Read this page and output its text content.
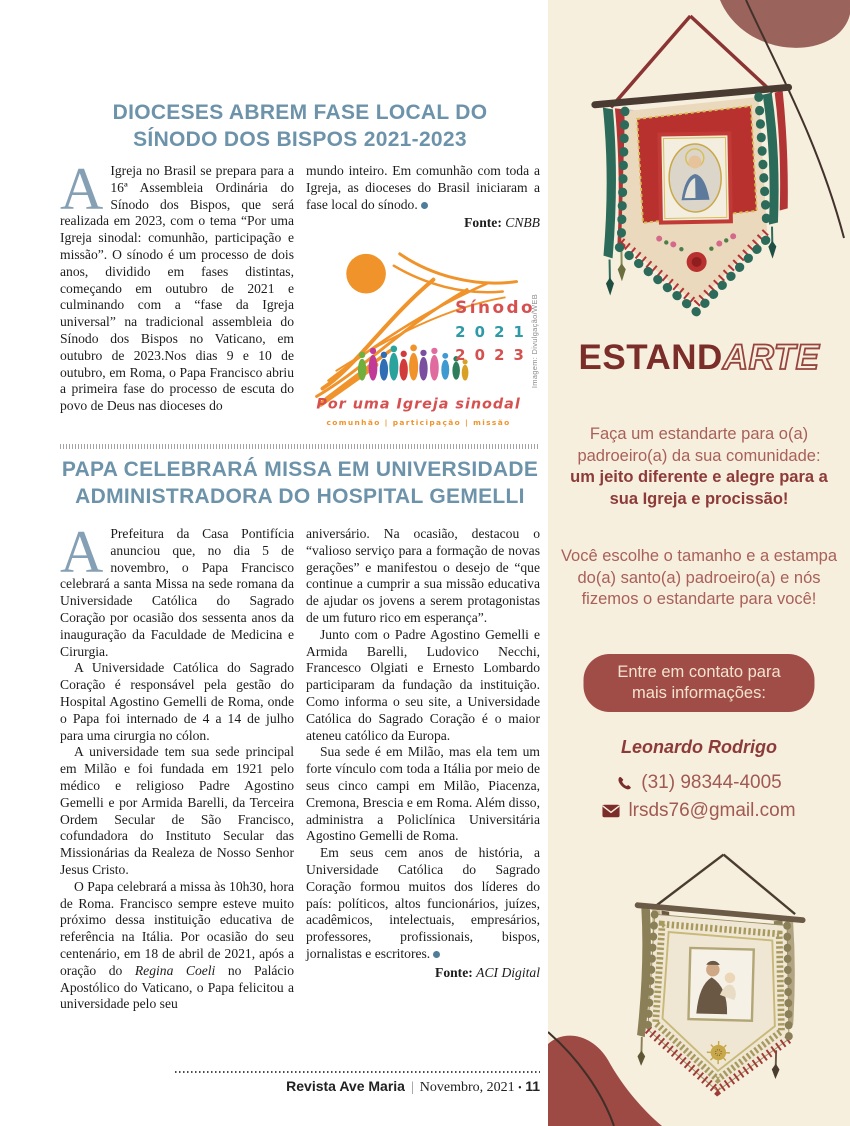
DIOCESES ABREM FASE LOCAL DO
SÍNODO DOS BISPOS 2021-2023

A Igreja no Brasil se prepara para a 16ª Assembleia Ordinária do Sínodo dos Bispos, que será realizada em 2023, com o tema “Por uma Igreja sinodal: comunhão, participação e missão”. O sínodo é um processo de dois anos, dividido em fases distintas, começando em outubro de 2021 e culminando com a “fase da Igreja universal” na tradicional assembleia do Sínodo dos Bispos no Vaticano, em outubro de 2023.Nos dias 9 e 10 de outubro, em Roma, o Papa Francisco abriu a primeira fase do processo de escuta do povo de Deus nas dioceses do

mundo inteiro. Em comunhão com toda a Igreja, as dioceses do Brasil iniciaram a fase local do sínodo.

Fonte: CNBB

Sínodo
2 0 2 1
2 0 2 3
Por uma Igreja sinodal
comunhão | participação | missão
Imagem: Divulgação/WEB
PAPA CELEBRARÁ MISSA EM UNIVERSIDADE
ADMINISTRADORA DO HOSPITAL GEMELLI

A Prefeitura da Casa Pontifícia anunciou que, no dia 5 de novembro, o Papa Francisco celebrará a santa Missa na sede romana da Universidade Católica do Sagrado Coração por ocasião dos sessenta anos da inauguração da Faculdade de Medicina e Cirurgia.

A Universidade Católica do Sagrado Coração é responsável pela gestão do Hospital Agostino Gemelli de Roma, onde o Papa foi internado de 4 a 14 de julho para uma cirurgia no cólon.

A universidade tem sua sede principal em Milão e foi fundada em 1921 pelo médico e religioso Padre Agostino Gemelli e por Armida Barelli, da Terceira Ordem Secular de São Francisco, cofundadora do Instituto Secular das Missionárias da Realeza de Nosso Senhor Jesus Cristo.

O Papa celebrará a missa às 10h30, hora de Roma. Francisco sempre esteve muito próximo dessa instituição educativa de referência na Itália. Por ocasião do seu centenário, em 18 de abril de 2021, após a oração do Regina Coeli no Palácio Apostólico do Vaticano, o Papa felicitou a universidade pelo seu

aniversário. Na ocasião, destacou o “valioso serviço para a formação de novas gerações” e manifestou o desejo de “que continue a cumprir a sua missão educativa de ajudar os jovens a serem protagonistas de um futuro rico em esperança”.

Junto com o Padre Agostino Gemelli e Armida Barelli, Ludovico Necchi, Francesco Olgiati e Ernesto Lombardo participaram da fundação da instituição. Como informa o seu site, a Universidade Católica do Sagrado Coração é o maior ateneu católico da Europa.

Sua sede é em Milão, mas ela tem um forte vínculo com toda a Itália por meio de seus cinco campi em Milão, Piacenza, Cremona, Brescia e em Roma. Além disso, administra a Policlínica Universitária Agostino Gemelli de Roma.

Em seus cem anos de história, a Universidade Católica do Sagrado Coração formou muitos dos líderes do país: políticos, altos funcionários, juízes, acadêmicos, intelectuais, empresários, professores, profissionais, bispos, jornalistas e escritores.

Fonte: ACI Digital

Revista Ave Maria | Novembro, 2021 • 11
ESTANDARTE

Faça um estandarte para o(a) padroeiro(a) da sua comunidade:
um jeito diferente e alegre para a sua Igreja e procissão!

Você escolhe o tamanho e a estampa do(a) santo(a) padroeiro(a) e nós fizemos o estandarte para você!

Entre em contato para mais informações:
Leonardo Rodrigo
(31) 98344-4005
lrsds76@gmail.com
